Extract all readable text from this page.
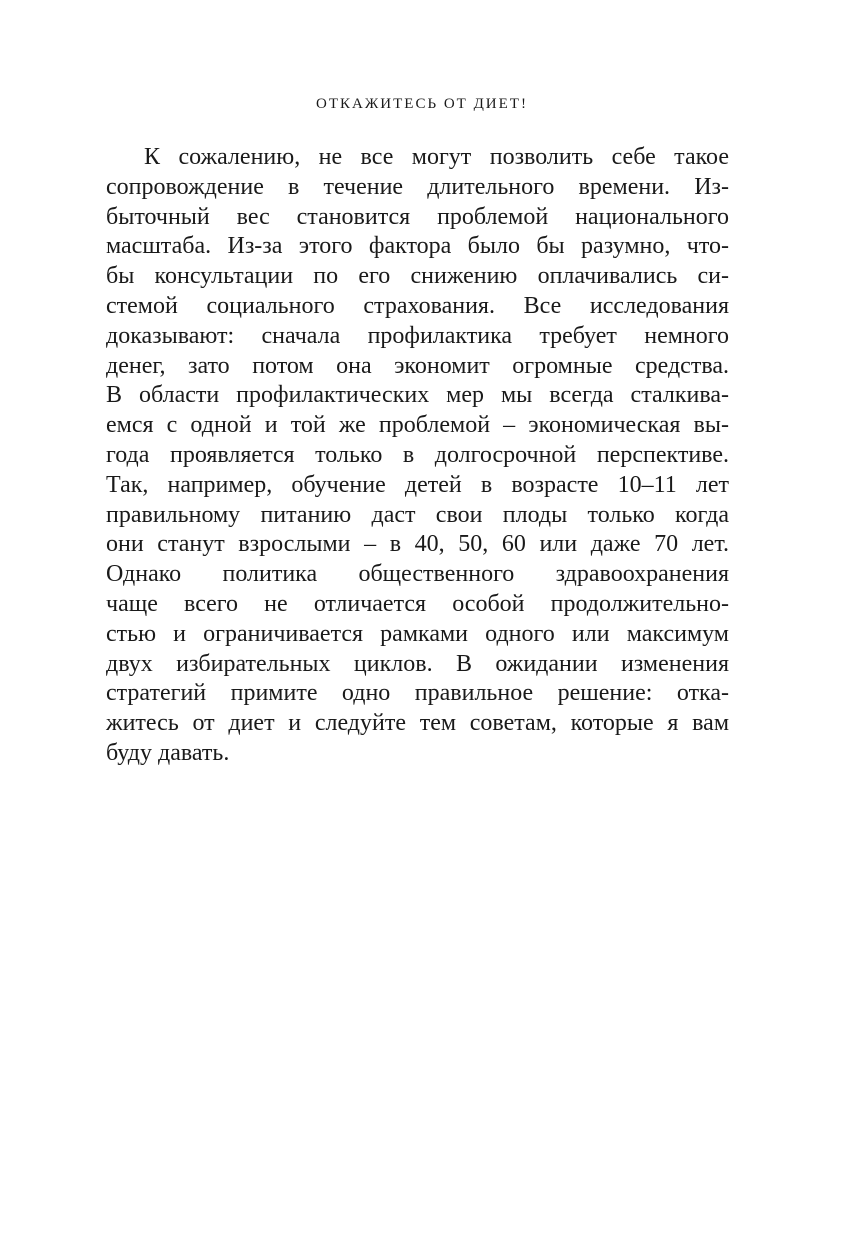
ОТКАЖИТЕСЬ ОТ ДИЕТ!
К сожалению, не все могут позволить себе такое
сопровождение в течение длительного времени. Из-
быточный вес становится проблемой национального
масштаба. Из-за этого фактора было бы разумно, что-
бы консультации по его снижению оплачивались си-
стемой социального страхования. Все исследования
доказывают: сначала профилактика требует немного
денег, зато потом она экономит огромные средства.
В области профилактических мер мы всегда сталкива-
емся с одной и той же проблемой – экономическая вы-
года проявляется только в долгосрочной перспективе.
Так, например, обучение детей в возрасте 10–11 лет
правильному питанию даст свои плоды только когда
они станут взрослыми – в 40, 50, 60 или даже 70 лет.
Однако политика общественного здравоохранения
чаще всего не отличается особой продолжительно-
стью и ограничивается рамками одного или максимум
двух избирательных циклов. В ожидании изменения
стратегий примите одно правильное решение: отка-
житесь от диет и следуйте тем советам, которые я вам
буду давать.
